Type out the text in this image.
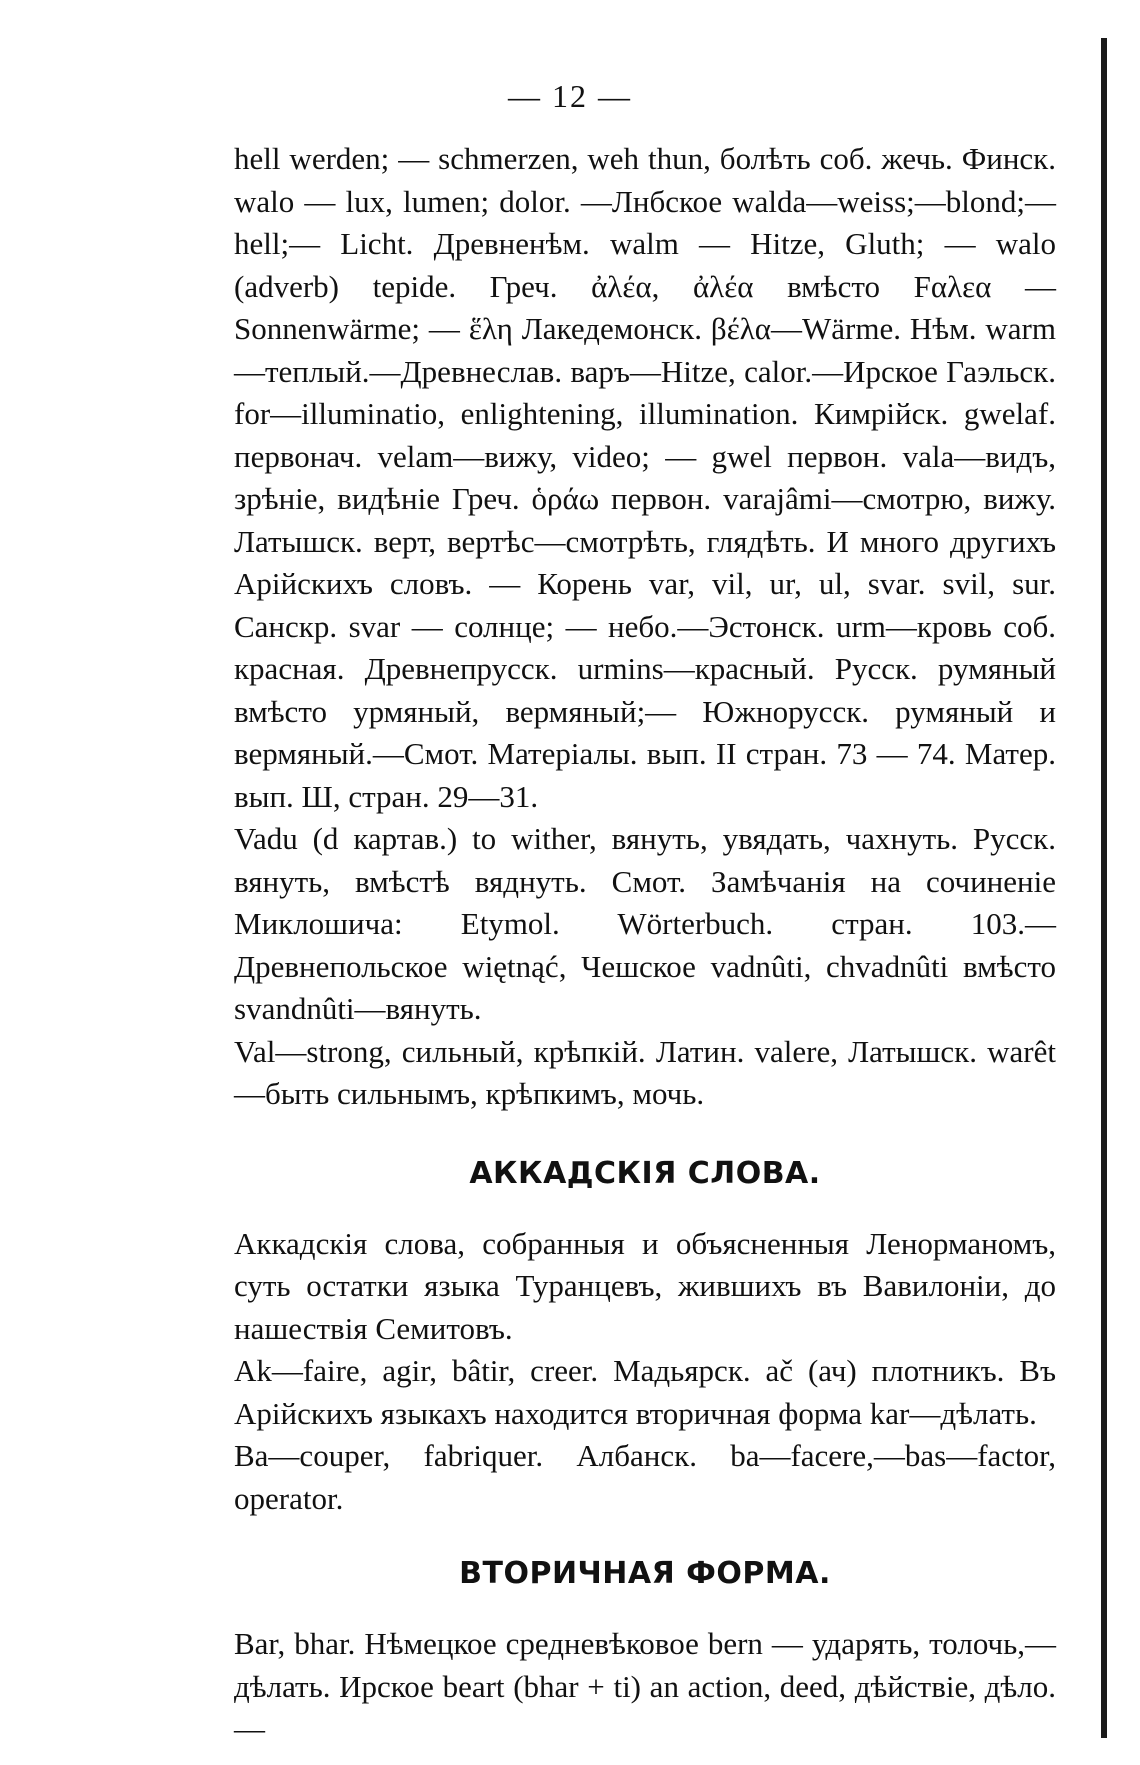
— 12 —

hell werden; — schmerzen, weh thun, болѣть соб. жечь. Финск. walo — lux, lumen; dolor. —Лнбское walda—weiss;—blond;—hell;— Licht. Древненѣм. walm — Hitze, Gluth; — walo (adverb) tepide. Греч. ἀλέα, ἀλέα вмѣсто Fαλεα — Sonnenwärme; — ἕλη Лакедемонск. βέλα—Wärme. Нѣм. warm—теплый.—Древнеслав. варъ—Hitze, calor.—Ирское Гаэльск. for—illuminatio, enlightening, illumination. Кимрійск. gwelaf. первонач. velam—вижу, video; — gwel первон. vala—видъ, зрѣніе, видѣніе Греч. ὁράω первон. varajâmi—смотрю, вижу. Латышск. верт, вертѣс—смотрѣть, глядѣть. И много другихъ Арійскихъ словъ. — Корень var, vil, ur, ul, svar. svil, sur. Санскр. svar — солнце; — небо.—Эстонск. urm—кровь соб. красная. Древнепрусск. urmins—красный. Русск. румяный вмѣсто урмяный, вермяный;— Южнорусск. румяный и вермяный.—Смот. Матеріалы. вып. II стран. 73 — 74. Матер. вып. Ш, стран. 29—31.

Vadu (d картав.) to wither, вянуть, увядать, чахнуть. Русск. вянуть, вмѣстѣ вяднуть. Смот. Замѣчанія на сочиненіе Миклошича: Etymol. Wörterbuch. стран. 103.—Древнепольское więtnąć, Чешское vadnûti, chvadnûti вмѣсто svandnûti—вянуть.

Val—strong, сильный, крѣпкій. Латин. valere, Латышск. warêt—быть сильнымъ, крѣпкимъ, мочь.

АККАДСКІЯ СЛОВА.

Аккадскія слова, собранныя и объясненныя Ленорманомъ, суть остатки языка Туранцевъ, жившихъ въ Вавилоніи, до нашествія Семитовъ.

Ak—faire, agir, bâtir, creer. Мадьярск. ač (ач) плотникъ. Въ Арійскихъ языкахъ находится вторичная форма kar—дѣлать.

Ba—couper, fabriquer. Албанск. ba—facere,—bas—factor, operator.

ВТОРИЧНАЯ ФОРМА.

Bar, bhar. Нѣмецкое средневѣковое bern — ударять, толочь,—дѣлать. Ирское beart (bhar + ti) an action, deed, дѣйствіе, дѣло.—
